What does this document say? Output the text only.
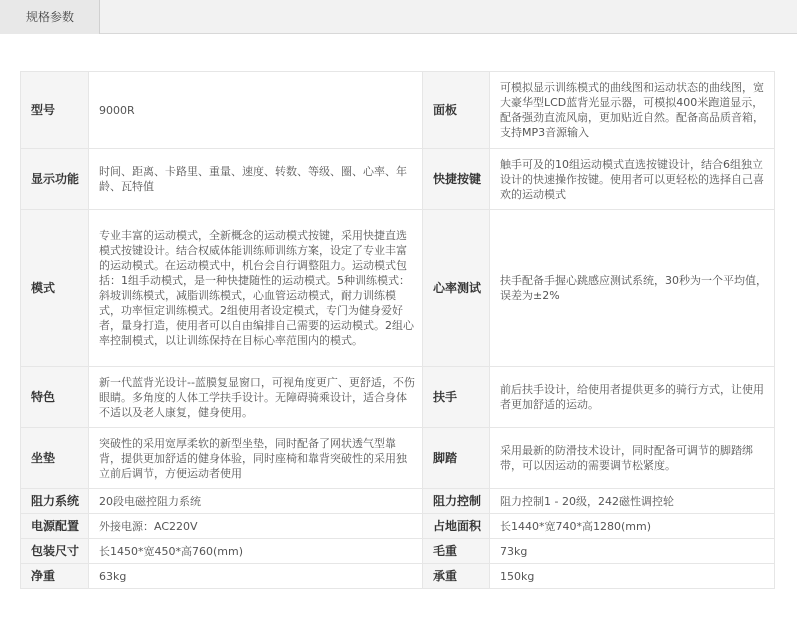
规格参数
型号	9000R	面板	可模拟显示训练模式的曲线图和运动状态的曲线图，宽大豪华型LCD蓝背光显示器，可模拟400米跑道显示，配备强劲直流风扇，更加贴近自然。配备高品质音箱，支持MP3音源输入

显示功能	时间、距离、卡路里、重量、速度、转数、等级、圈、心率、年龄、瓦特值	快捷按键	触手可及的10组运动模式直选按键设计，结合6组独立设计的快速操作按键。使用者可以更轻松的选择自己喜欢的运动模式

模式	专业丰富的运动模式，全新概念的运动模式按键，采用快捷直选模式按键设计。结合权威体能训练师训练方案，设定了专业丰富的运动模式。在运动模式中，机台会自行调整阻力。运动模式包括：1组手动模式，是一种快捷随性的运动模式。5种训练模式：斜坡训练模式，减脂训练模式，心血管运动模式，耐力训练模式，功率恒定训练模式。2组使用者设定模式，专门为健身爱好者，量身打造，使用者可以自由编排自己需要的运动模式。2组心率控制模式，以让训练保持在目标心率范围内的模式。	心率测试	扶手配备手握心跳感应测试系统，30秒为一个平均值，误差为±2%

特色	新一代蓝背光设计--蓝膜复显窗口，可视角度更广、更舒适，不伤眼睛。多角度的人体工学扶手设计。无障碍骑乘设计，适合身体不适以及老人康复，健身使用。	扶手	前后扶手设计，给使用者提供更多的骑行方式，让使用者更加舒适的运动。

坐垫	突破性的采用宽厚柔软的新型坐垫，同时配备了网状透气型靠背，提供更加舒适的健身体验，同时座椅和靠背突破性的采用独立前后调节，方便运动者使用	脚踏	采用最新的防滑技术设计，同时配备可调节的脚踏绑带，可以因运动的需要调节松紧度。

阻力系统	20段电磁控阻力系统	阻力控制	阻力控制1 - 20级，242磁性调控轮
电源配置	外接电源：AC220V	占地面积	长1440*宽740*高1280(mm)
包装尺寸	长1450*宽450*高760(mm)	毛重	73kg
净重	63kg	承重	150kg
